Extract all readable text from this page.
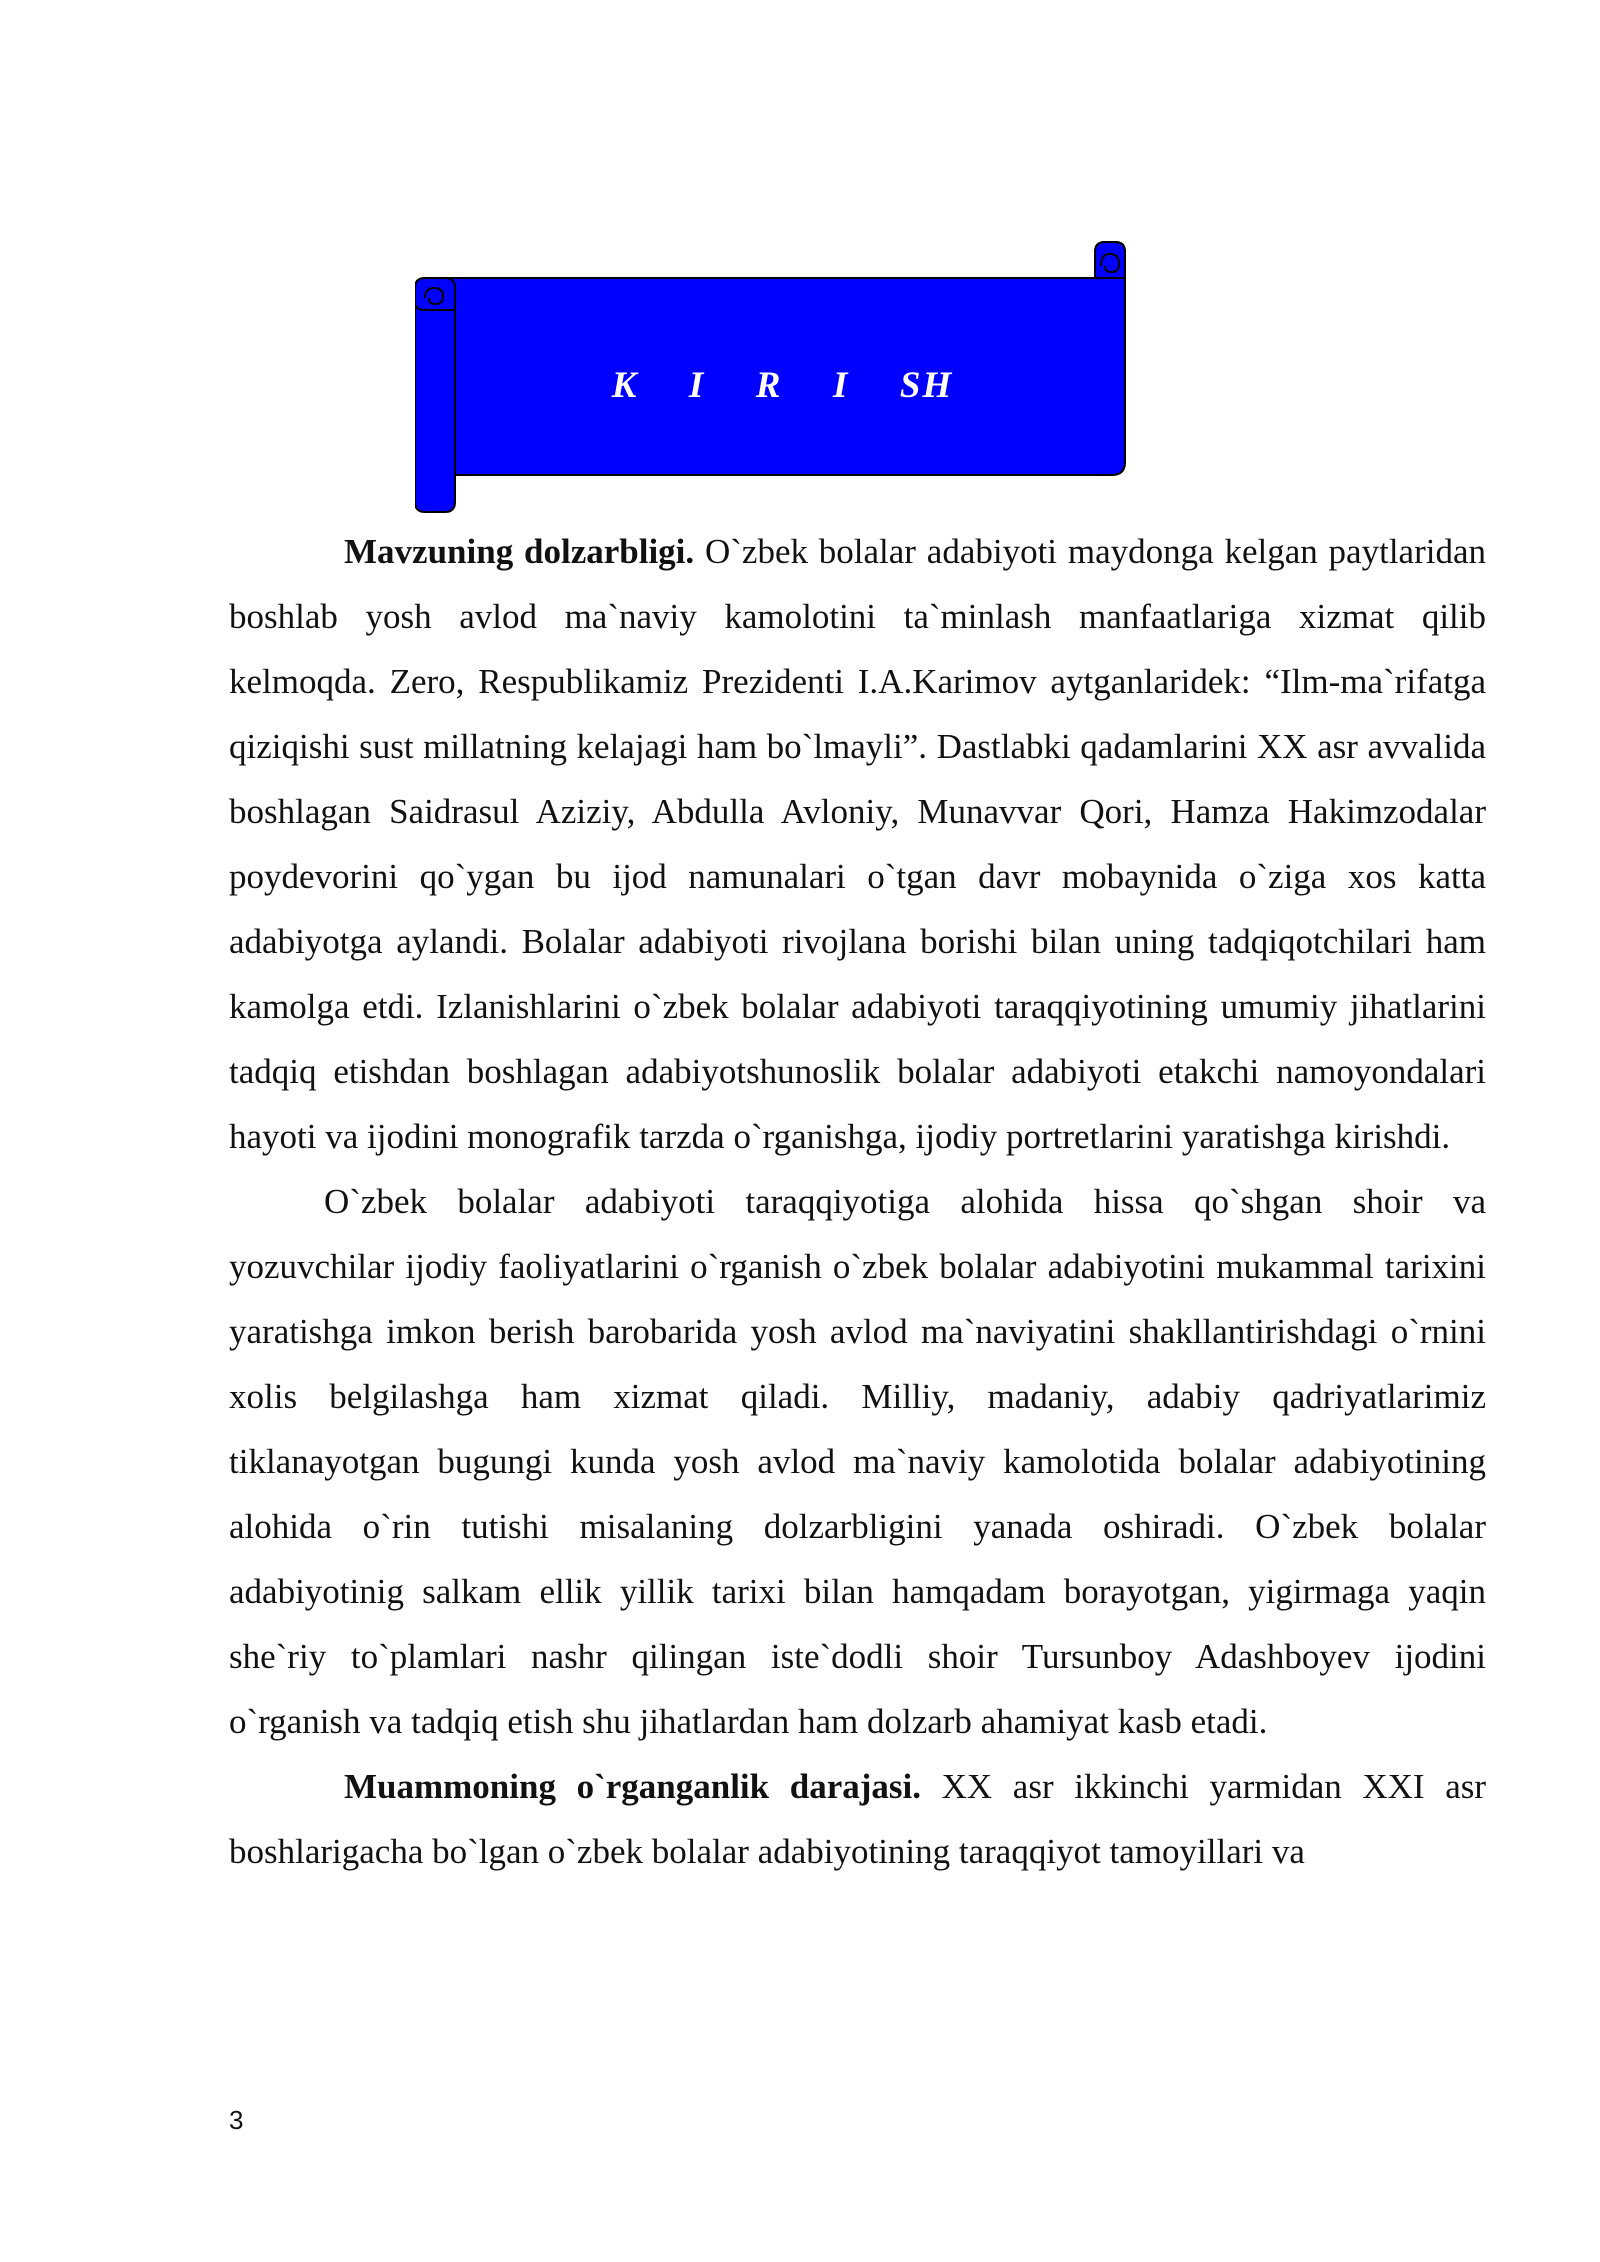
K  I  R  I  SH

Mavzuning dolzarbligi. O`zbek bolalar adabiyoti maydonga kelgan paytlaridan boshlab yosh avlod ma`naviy kamolotini ta`minlash manfaatlariga xizmat qilib kelmoqda. Zero, Respublikamiz Prezidenti I.A.Karimov aytganlaridek: “Ilm-ma`rifatga qiziqishi sust millatning kelajagi ham bo`lmayli”. Dastlabki qadamlarini XX asr avvalida boshlagan Saidrasul Aziziy, Abdulla Avloniy, Munavvar Qori, Hamza Hakimzodalar poydevorini qo`ygan bu ijod namunalari o`tgan davr mobaynida o`ziga xos katta adabiyotga aylandi. Bolalar adabiyoti rivojlana borishi bilan uning tadqiqotchilari ham kamolga etdi. Izlanishlarini o`zbek bolalar adabiyoti taraqqiyotining umumiy jihatlarini tadqiq etishdan boshlagan adabiyotshunoslik bolalar adabiyoti etakchi namoyondalari hayoti va ijodini monografik tarzda o`rganishga, ijodiy portretlarini yaratishga kirishdi.

O`zbek bolalar adabiyoti taraqqiyotiga alohida hissa qo`shgan shoir va yozuvchilar ijodiy faoliyatlarini o`rganish o`zbek bolalar adabiyotini mukammal tarixini yaratishga imkon berish barobarida yosh avlod ma`naviyatini shakllantirishdagi o`rnini xolis belgilashga ham xizmat qiladi. Milliy, madaniy, adabiy qadriyatlarimiz tiklanayotgan bugungi kunda yosh avlod ma`naviy kamolotida bolalar adabiyotining alohida o`rin tutishi misalaning dolzarbligini yanada oshiradi. O`zbek bolalar adabiyotinig salkam ellik yillik tarixi bilan hamqadam borayotgan, yigirmaga yaqin she`riy to`plamlari nashr qilingan iste`dodli shoir Tursunboy Adashboyev ijodini o`rganish va tadqiq etish shu jihatlardan ham dolzarb ahamiyat kasb etadi.

Muammoning o`rganganlik darajasi. XX asr ikkinchi yarmidan XXI asr boshlarigacha bo`lgan o`zbek bolalar adabiyotining taraqqiyot tamoyillari va

3
